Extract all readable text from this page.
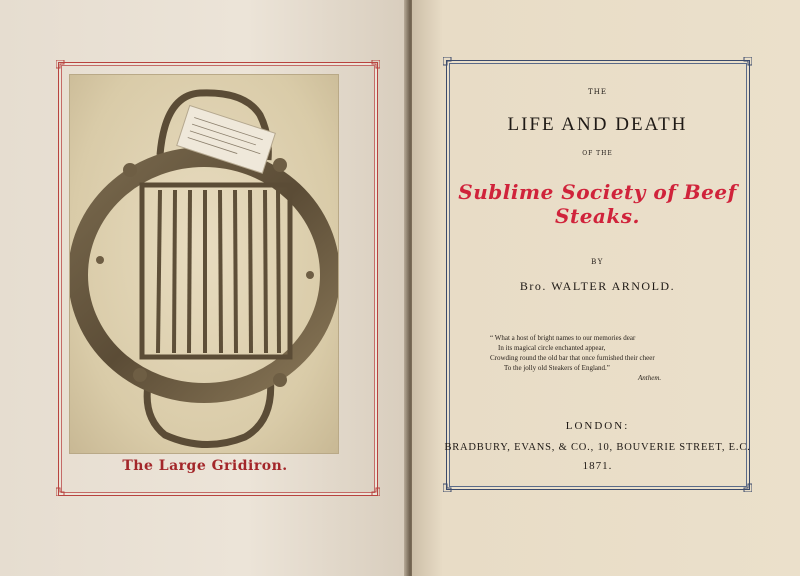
The Large Gridiron.
THE
LIFE AND DEATH
OF THE
Sublime Society of Beef Steaks.
BY
Bro. WALTER ARNOLD.
“ What a host of bright names to our memories dear
In its magical circle enchanted appear,
Crowding round the old bar that once furnished their cheer
To the jolly old Steakers of England.”
Anthem.
LONDON:
BRADBURY, EVANS, & CO., 10, BOUVERIE STREET, E.C.
1871.
